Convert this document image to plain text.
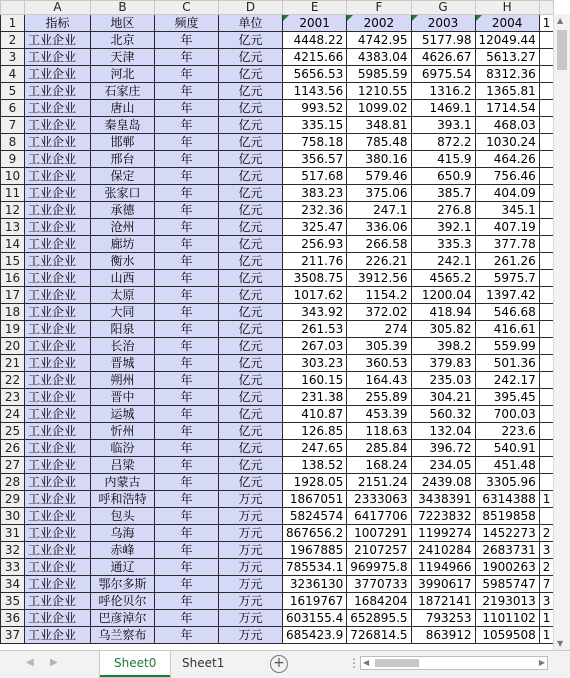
	A	B	C	D	E	F	G	H	
1	指标	地区	频度	单位	2001	2002	2003	2004	1
2	工业企业	北京	年	亿元	4448.22	4742.95	5177.98	12049.44	
3	工业企业	天津	年	亿元	4215.66	4383.04	4626.67	5613.27	
4	工业企业	河北	年	亿元	5656.53	5985.59	6975.54	8312.36	
5	工业企业	石家庄	年	亿元	1143.56	1210.55	1316.2	1365.81	
6	工业企业	唐山	年	亿元	993.52	1099.02	1469.1	1714.54	
7	工业企业	秦皇岛	年	亿元	335.15	348.81	393.1	468.03	
8	工业企业	邯郸	年	亿元	758.18	785.48	872.2	1030.24	
9	工业企业	邢台	年	亿元	356.57	380.16	415.9	464.26	
10	工业企业	保定	年	亿元	517.68	579.46	650.9	756.46	
11	工业企业	张家口	年	亿元	383.23	375.06	385.7	404.09	
12	工业企业	承德	年	亿元	232.36	247.1	276.8	345.1	
13	工业企业	沧州	年	亿元	325.47	336.06	392.1	407.19	
14	工业企业	廊坊	年	亿元	256.93	266.58	335.3	377.78	
15	工业企业	衡水	年	亿元	211.76	226.21	242.1	261.26	
16	工业企业	山西	年	亿元	3508.75	3912.56	4565.2	5975.7	
17	工业企业	太原	年	亿元	1017.62	1154.2	1200.04	1397.42	
18	工业企业	大同	年	亿元	343.92	372.02	418.94	546.68	
19	工业企业	阳泉	年	亿元	261.53	274	305.82	416.61	
20	工业企业	长治	年	亿元	267.03	305.39	398.2	559.99	
21	工业企业	晋城	年	亿元	303.23	360.53	379.83	501.36	
22	工业企业	朔州	年	亿元	160.15	164.43	235.03	242.17	
23	工业企业	晋中	年	亿元	231.38	255.89	304.21	395.45	
24	工业企业	运城	年	亿元	410.87	453.39	560.32	700.03	
25	工业企业	忻州	年	亿元	126.85	118.63	132.04	223.6	
26	工业企业	临汾	年	亿元	247.65	285.84	396.72	540.91	
27	工业企业	吕梁	年	亿元	138.52	168.24	234.05	451.48	
28	工业企业	内蒙古	年	亿元	1928.05	2151.24	2439.08	3305.96	
29	工业企业	呼和浩特	年	万元	1867051	2333063	3438391	6314388	1
30	工业企业	包头	年	万元	5824574	6417706	7223832	8519858	
31	工业企业	乌海	年	万元	867656.2	1007291	1199274	1452273	2
32	工业企业	赤峰	年	万元	1967885	2107257	2410284	2683731	3
33	工业企业	通辽	年	万元	785534.1	969975.8	1194966	1900263	2
34	工业企业	鄂尔多斯	年	万元	3236130	3770733	3990617	5985747	7
35	工业企业	呼伦贝尔	年	万元	1619767	1684204	1872141	2193013	3
36	工业企业	巴彦淖尔	年	万元	603155.4	652895.5	793253	1101102	1
37	工业企业	乌兰察布	年	万元	685423.9	726814.5	863912	1059508	1
▲
▼
◀ ▶	Sheet0	Sheet1	+	⋮ ◀	▶
